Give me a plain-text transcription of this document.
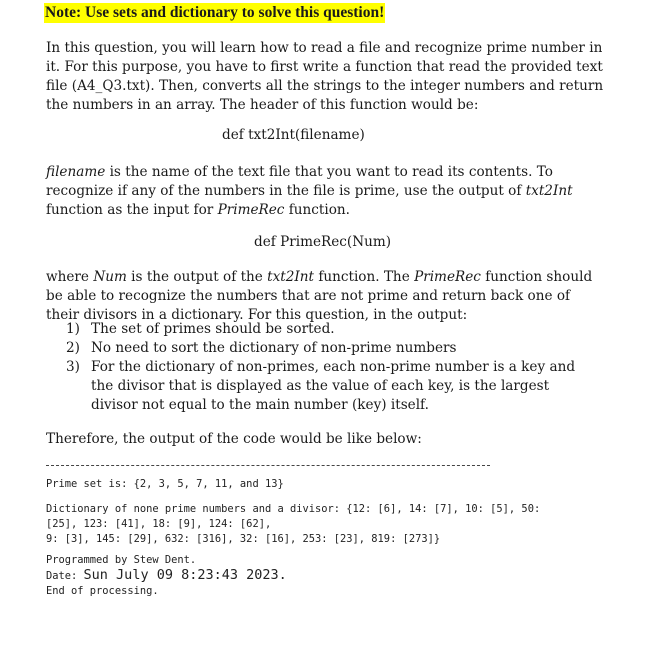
Note: Use sets and dictionary to solve this question!
In this question, you will learn how to read a file and recognize prime number in it. For this purpose, you have to first write a function that read the provided text file (A4_Q3.txt). Then, converts all the strings to the integer numbers and return the numbers in an array. The header of this function would be:
def txt2Int(filename)
filename is the name of the text file that you want to read its contents. To recognize if any of the numbers in the file is prime, use the output of txt2Int function as the input for PrimeRec function.
def PrimeRec(Num)
where Num is the output of the txt2Int function. The PrimeRec function should be able to recognize the numbers that are not prime and return back one of their divisors in a dictionary. For this question, in the output:
1) The set of primes should be sorted.
2) No need to sort the dictionary of non-prime numbers
3) For the dictionary of non-primes, each non-prime number is a key and the divisor that is displayed as the value of each key, is the largest divisor not equal to the main number (key) itself.
Therefore, the output of the code would be like below:
Prime set is: {2, 3, 5, 7, 11, and 13}
Dictionary of none prime numbers and a divisor: {12: [6], 14: [7], 10: [5], 50:
[25], 123: [41], 18: [9], 124: [62],
9: [3], 145: [29], 632: [316], 32: [16], 253: [23], 819: [273]}
Programmed by Stew Dent.
Date: Sun July 09 8:23:43 2023.
End of processing.
